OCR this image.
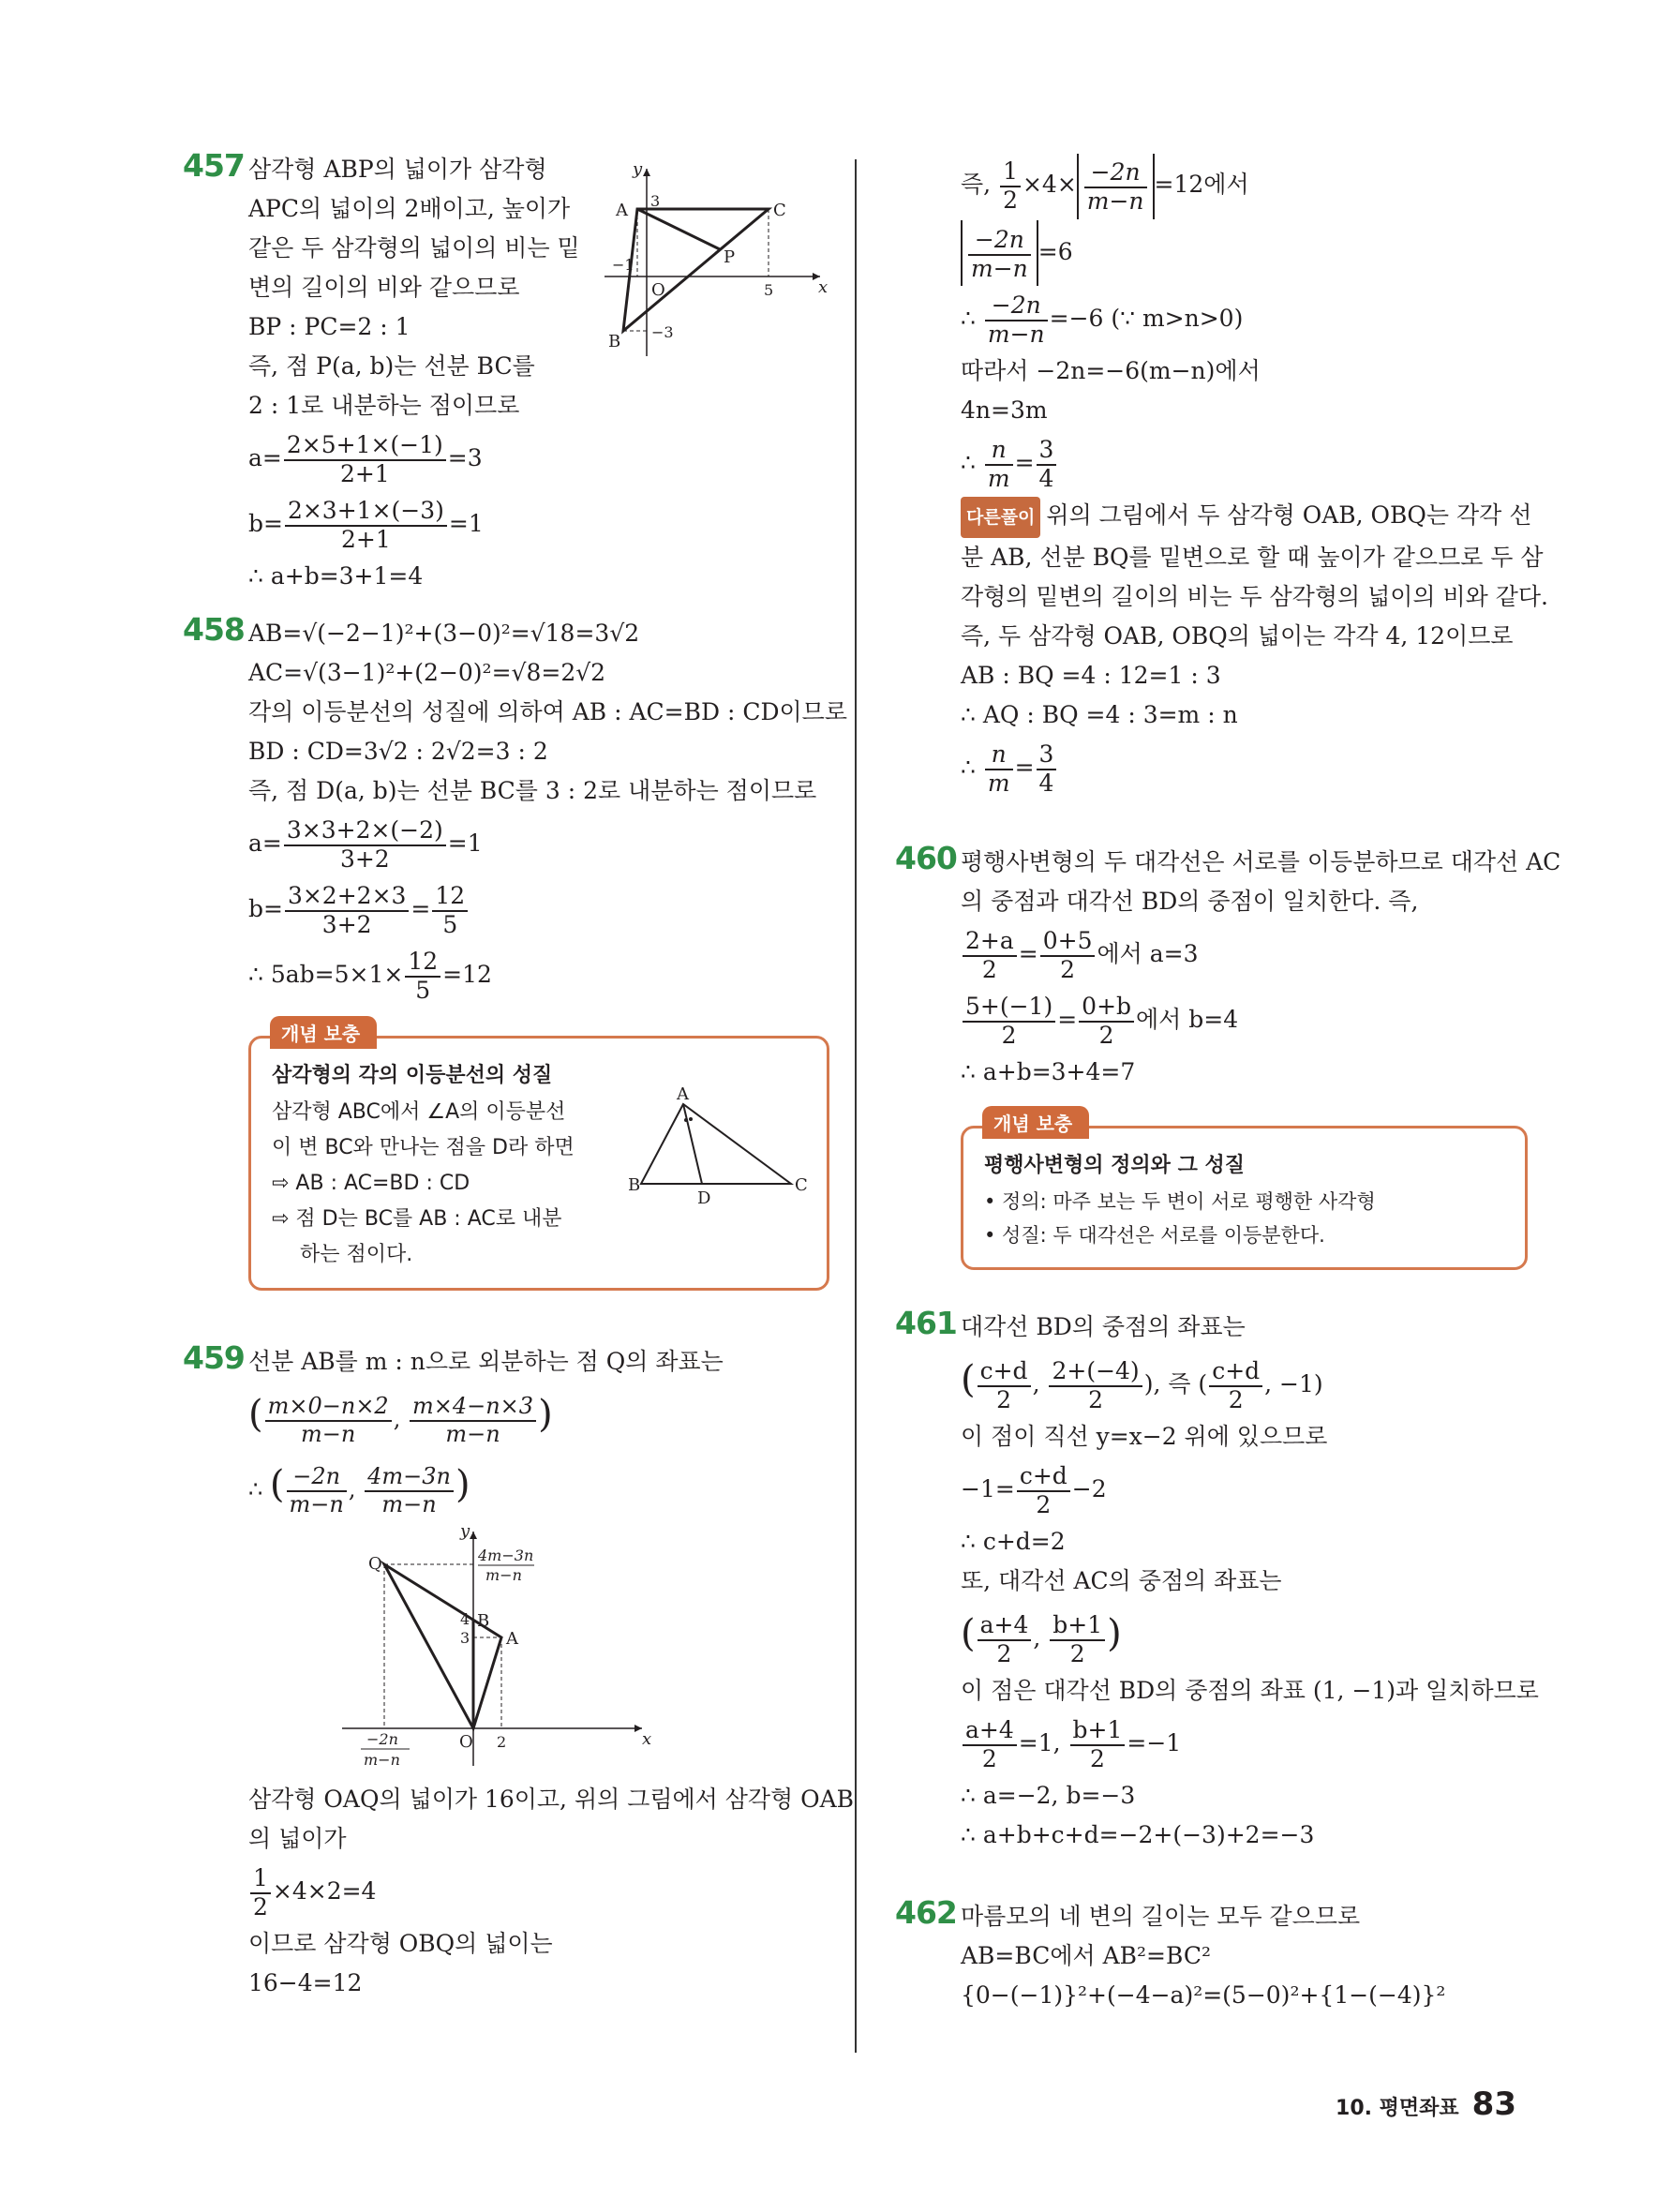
457 삼각형 ABP의 넓이가 삼각형
APC의 넓이의 2배이고, 높이가
같은 두 삼각형의 넓이의 비는 밑
변의 길이의 비와 같으므로
BP : PC=2 : 1
즉, 점 P(a, b)는 선분 BC를
2 : 1로 내분하는 점이므로
$a= \frac{2\times 5+1\times(-1)}{2+1} =3$
$b= \frac{2\times 3+1\times(-3)}{2+1} =1$
∴ a+b=3+1=4
y
x
A 3	C
P
−1
O	5
B −3
458 AB=√(−2−1)²+(3−0)²=√18=3√2
AC=√(3−1)²+(2−0)²=√8=2√2
각의 이등분선의 성질에 의하여 AB : AC=BD : CD이므로
BD : CD=3√2 : 2√2=3 : 2
즉, 점 D(a, b)는 선분 BC를 3 : 2로 내분하는 점이므로
$a= \frac{3\times 3+2\times(-2)}{3+2} =1$
$b= \frac{3\times 2+2\times 3}{3+2} = \frac{12}{5}$
∴ $5ab=5\times 1\times \frac{12}{5} =12$
개념 보충
삼각형의 각의 이등분선의 성질
삼각형 ABC에서 ∠A의 이등분선
이 변 BC와 만나는 점을 D라 하면
⇨ AB : AC=BD : CD
⇨ 점 D는 BC를 AB : AC로 내분
하는 점이다.
A
B	C
D
459 선분 AB를 m : n으로 외분하는 점 Q의 좌표는
( $\frac{m\times 0-n\times 2}{m-n}$ , $\frac{m\times 4-n\times 3}{m-n}$ )
∴ ( $\frac{-2n}{m-n}$ , $\frac{4m-3n}{m-n}$ )
y
x
Q	4m−3n
m−n
4 B
3 A
O 2
−2n
m−n
삼각형 OAQ의 넓이가 16이고, 위의 그림에서 삼각형 OAB
의 넓이가
$\frac{1}{2} \times 4\times 2=4$
이므로 삼각형 OBQ의 넓이는
16−4=12
즉, $\frac{1}{2} \times 4\times \frac{-2n}{m-n} =12$에서
$\frac{-2n}{m-n} =6$
∴ $\frac{-2n}{m-n} =-6$ (∵ m>n>0)
따라서 −2n=−6(m−n)에서
4n=3m
∴ $\frac{n}{m} = \frac{3}{4}$
다른풀이 위의 그림에서 두 삼각형 OAB, OBQ는 각각 선
분 AB, 선분 BQ를 밑변으로 할 때 높이가 같으므로 두 삼
각형의 밑변의 길이의 비는 두 삼각형의 넓이의 비와 같다.
즉, 두 삼각형 OAB, OBQ의 넓이는 각각 4, 12이므로
AB : BQ =4 : 12=1 : 3
∴ AQ : BQ =4 : 3=m : n
∴ $\frac{n}{m} = \frac{3}{4}$
460 평행사변형의 두 대각선은 서로를 이등분하므로 대각선 AC
의 중점과 대각선 BD의 중점이 일치한다. 즉,
$\frac{2+a}{2} = \frac{0+5}{2}$ 에서 a=3
$\frac{5+(-1)}{2} = \frac{0+b}{2}$ 에서 b=4
∴ a+b=3+4=7
개념 보충
평행사변형의 정의와 그 성질
• 정의: 마주 보는 두 변이 서로 평행한 사각형
• 성질: 두 대각선은 서로를 이등분한다.
461 대각선 BD의 중점의 좌표는
( $\frac{c+d}{2}$ , $\frac{2+(-4)}{2}$ ), 즉 ( $\frac{c+d}{2}$ , −1)
이 점이 직선 y=x−2 위에 있으므로
$-1= \frac{c+d}{2} -2$
∴ c+d=2
또, 대각선 AC의 중점의 좌표는
( $\frac{a+4}{2}$ , $\frac{b+1}{2}$ )
이 점은 대각선 BD의 중점의 좌표 (1, −1)과 일치하므로
$\frac{a+4}{2} =1$, $\frac{b+1}{2} =-1$
∴ a=−2, b=−3
∴ a+b+c+d=−2+(−3)+2=−3
462 마름모의 네 변의 길이는 모두 같으므로
AB=BC에서 AB²=BC²
{0−(−1)}²+(−4−a)²=(5−0)²+{1−(−4)}²
10. 평면좌표 83
